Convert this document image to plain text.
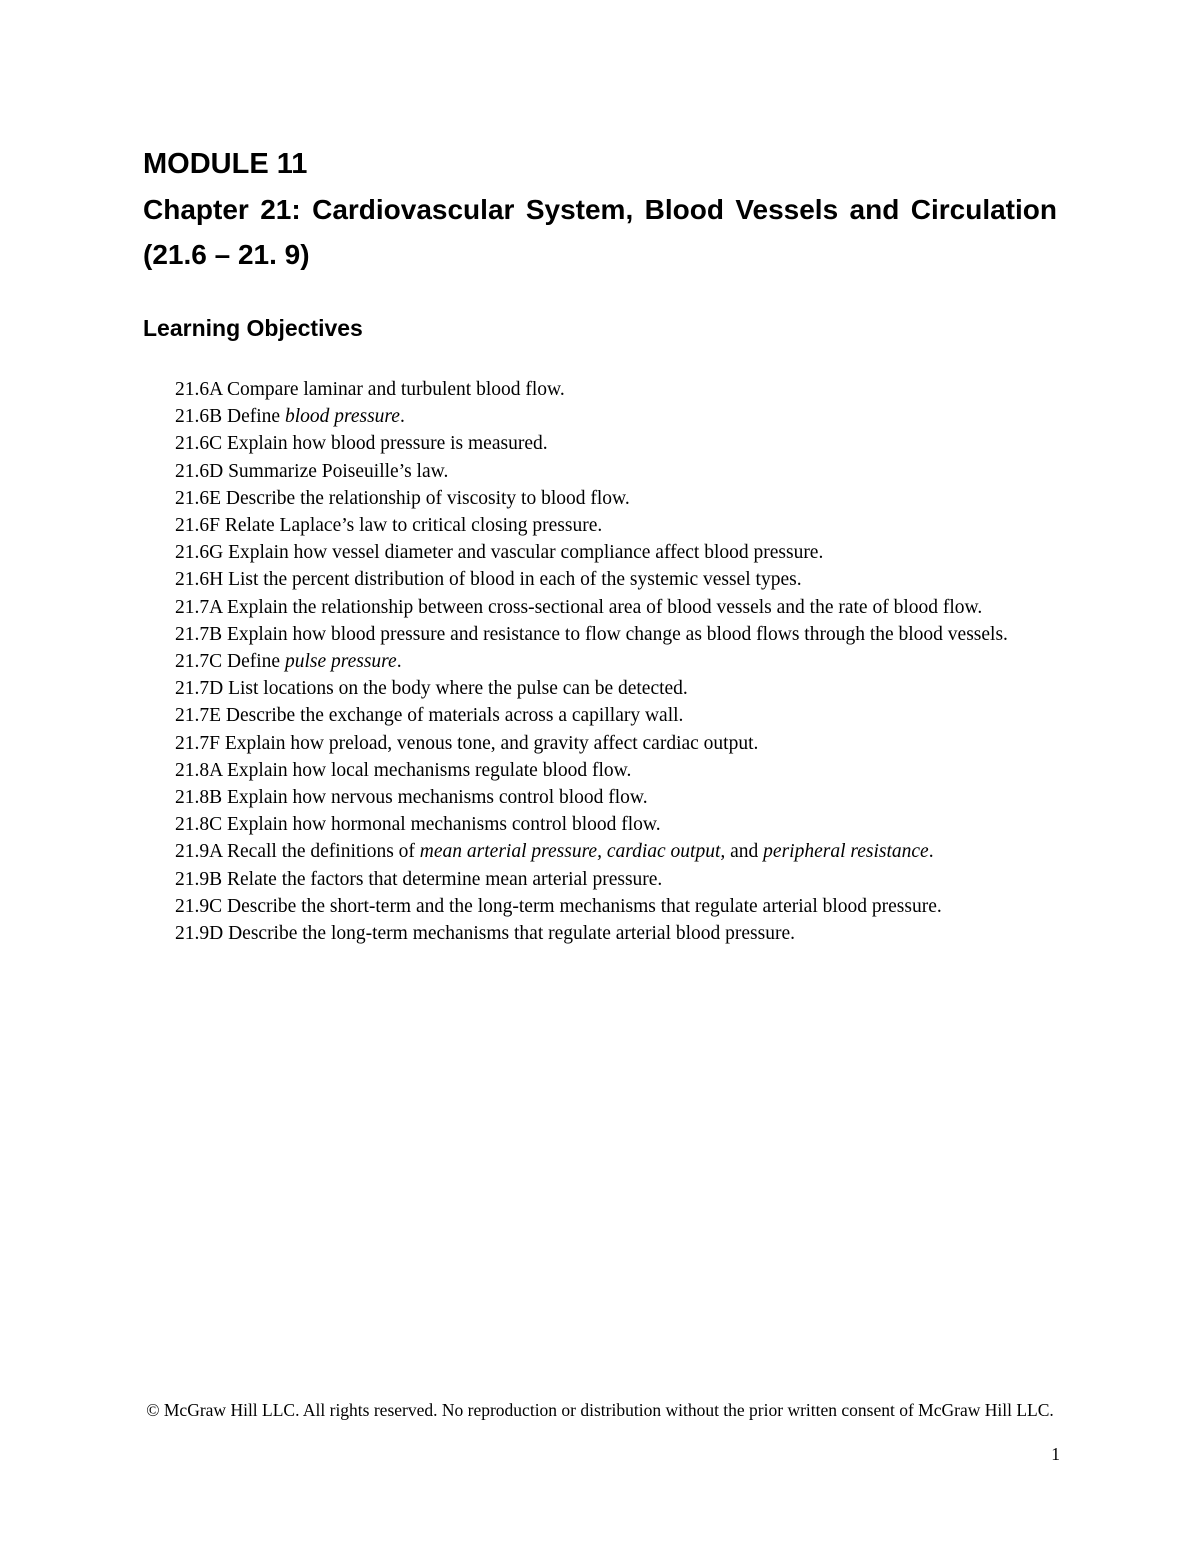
MODULE 11
Chapter 21: Cardiovascular System, Blood Vessels and Circulation (21.6 – 21. 9)
Learning Objectives
21.6A Compare laminar and turbulent blood flow.
21.6B Define blood pressure.
21.6C Explain how blood pressure is measured.
21.6D Summarize Poiseuille’s law.
21.6E Describe the relationship of viscosity to blood flow.
21.6F Relate Laplace’s law to critical closing pressure.
21.6G Explain how vessel diameter and vascular compliance affect blood pressure.
21.6H List the percent distribution of blood in each of the systemic vessel types.
21.7A Explain the relationship between cross-sectional area of blood vessels and the rate of blood flow.
21.7B Explain how blood pressure and resistance to flow change as blood flows through the blood vessels.
21.7C Define pulse pressure.
21.7D List locations on the body where the pulse can be detected.
21.7E Describe the exchange of materials across a capillary wall.
21.7F Explain how preload, venous tone, and gravity affect cardiac output.
21.8A Explain how local mechanisms regulate blood flow.
21.8B Explain how nervous mechanisms control blood flow.
21.8C Explain how hormonal mechanisms control blood flow.
21.9A Recall the definitions of mean arterial pressure, cardiac output, and peripheral resistance.
21.9B Relate the factors that determine mean arterial pressure.
21.9C Describe the short-term and the long-term mechanisms that regulate arterial blood pressure.
21.9D Describe the long-term mechanisms that regulate arterial blood pressure.

© McGraw Hill LLC. All rights reserved. No reproduction or distribution without the prior written consent of McGraw Hill LLC.

1
